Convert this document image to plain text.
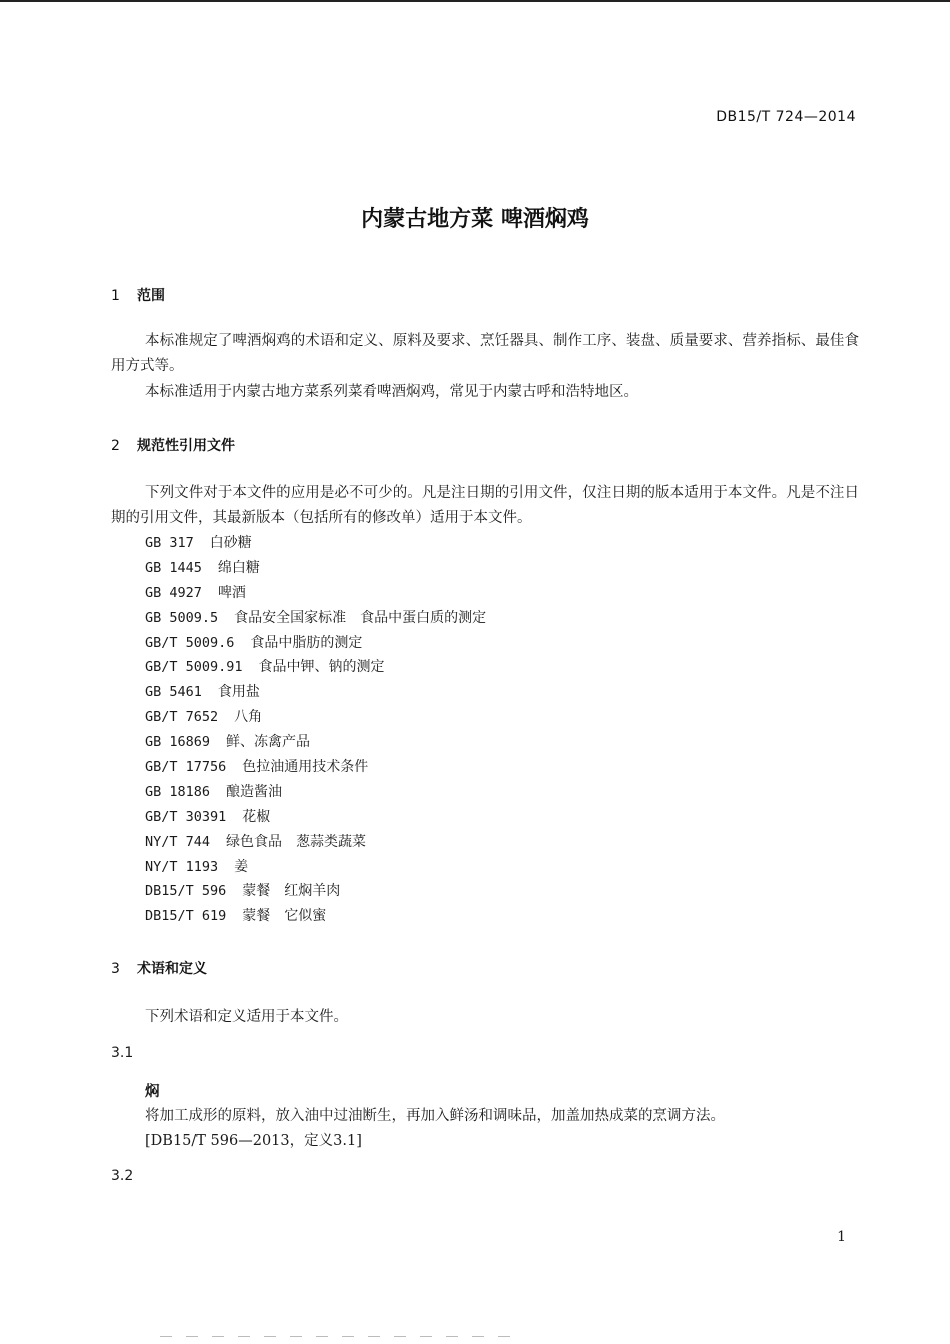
DB15/T 724—2014
内蒙古地方菜 啤酒焖鸡
1 范围
本标准规定了啤酒焖鸡的术语和定义、原料及要求、烹饪器具、制作工序、装盘、质量要求、营养指标、最佳食用方式等。
本标准适用于内蒙古地方菜系列菜肴啤酒焖鸡，常见于内蒙古呼和浩特地区。
2 规范性引用文件
下列文件对于本文件的应用是必不可少的。凡是注日期的引用文件，仅注日期的版本适用于本文件。凡是不注日期的引用文件，其最新版本（包括所有的修改单）适用于本文件。
GB 317 白砂糖
GB 1445 绵白糖
GB 4927 啤酒
GB 5009.5 食品安全国家标准　食品中蛋白质的测定
GB/T 5009.6 食品中脂肪的测定
GB/T 5009.91 食品中钾、钠的测定
GB 5461 食用盐
GB/T 7652 八角
GB 16869 鲜、冻禽产品
GB/T 17756 色拉油通用技术条件
GB 18186 酿造酱油
GB/T 30391 花椒
NY/T 744 绿色食品　葱蒜类蔬菜
NY/T 1193 姜
DB15/T 596 蒙餐　红焖羊肉
DB15/T 619 蒙餐　它似蜜
3 术语和定义
下列术语和定义适用于本文件。
3.1
焖
将加工成形的原料，放入油中过油断生，再加入鲜汤和调味品，加盖加热成菜的烹调方法。
[DB15/T 596—2013，定义3.1]
3.2
1
